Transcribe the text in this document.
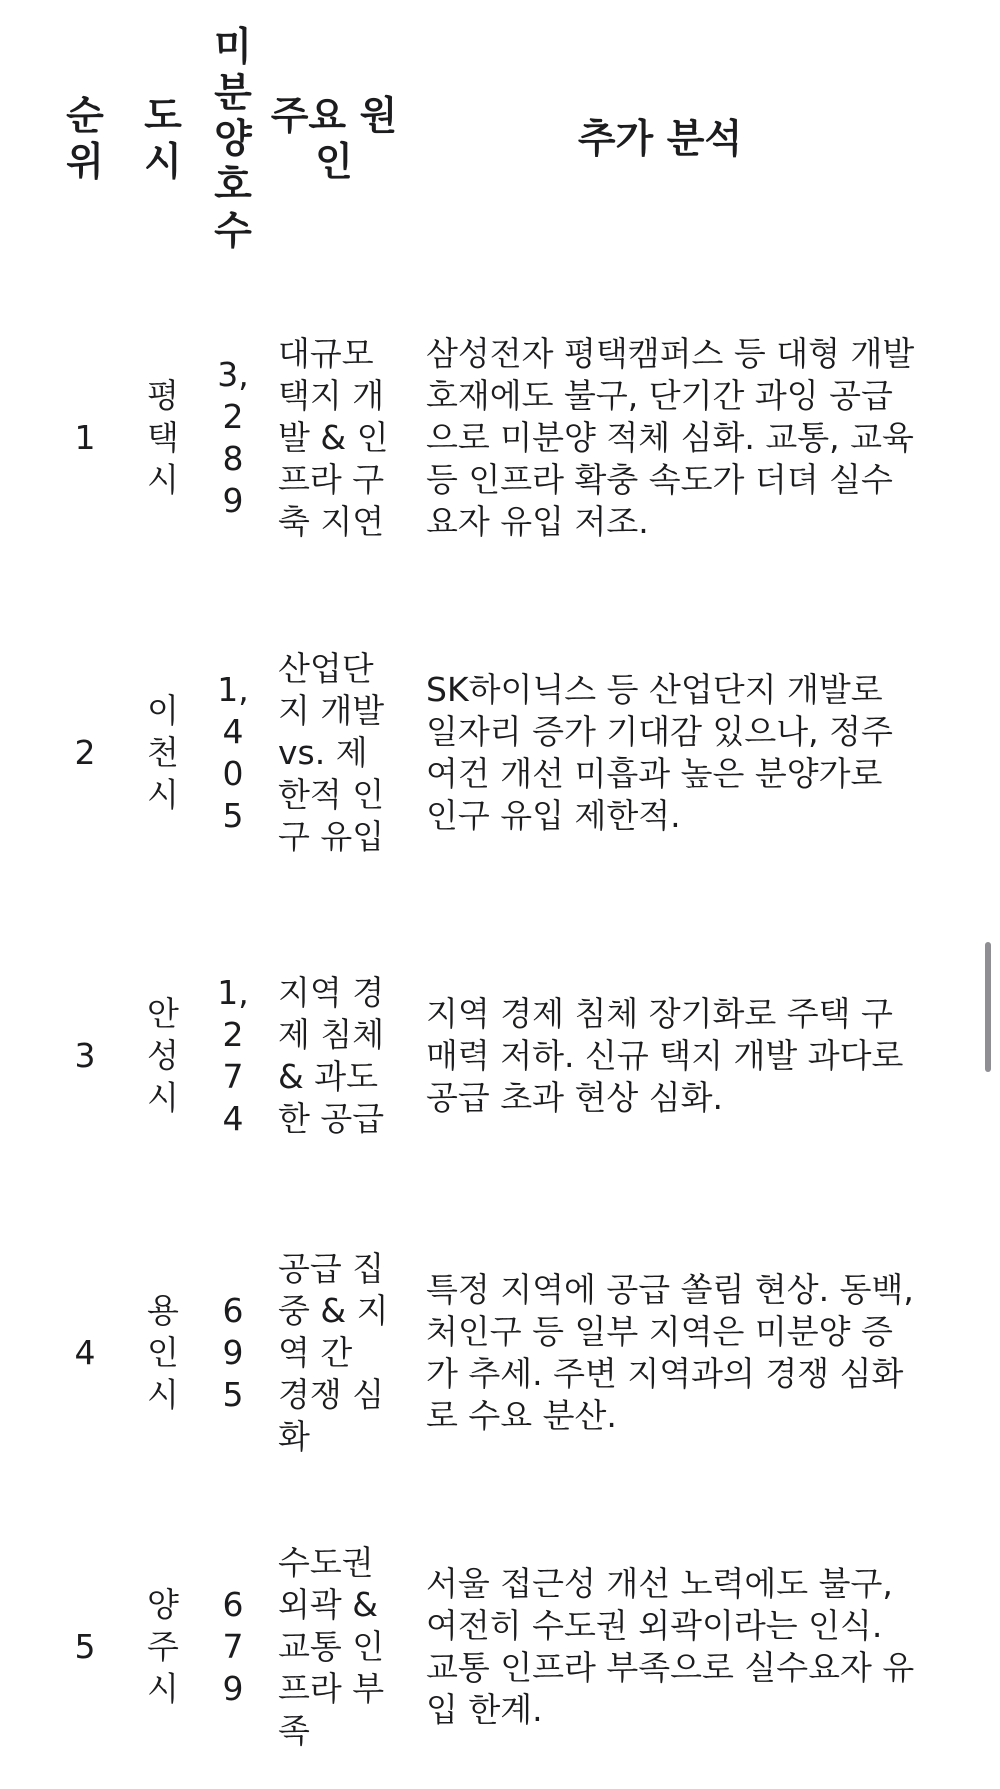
순위	도시	미분양호수	주요 원인	추가 분석
1	평택시	3,289	대규모 택지 개발 & 인프라 구축 지연	삼성전자 평택캠퍼스 등 대형 개발 호재에도 불구, 단기간 과잉 공급으로 미분양 적체 심화. 교통, 교육 등 인프라 확충 속도가 더뎌 실수요자 유입 저조.
2	이천시	1,405	산업단지 개발 vs. 제한적 인구 유입	SK하이닉스 등 산업단지 개발로 일자리 증가 기대감 있으나, 정주 여건 개선 미흡과 높은 분양가로 인구 유입 제한적.
3	안성시	1,274	지역 경제 침체 & 과도한 공급	지역 경제 침체 장기화로 주택 구매력 저하. 신규 택지 개발 과다로 공급 초과 현상 심화.
4	용인시	695	공급 집중 & 지역 간 경쟁 심화	특정 지역에 공급 쏠림 현상. 동백, 처인구 등 일부 지역은 미분양 증가 추세. 주변 지역과의 경쟁 심화로 수요 분산.
5	양주시	679	수도권 외곽 & 교통 인프라 부족	서울 접근성 개선 노력에도 불구, 여전히 수도권 외곽이라는 인식. 교통 인프라 부족으로 실수요자 유입 한계.
